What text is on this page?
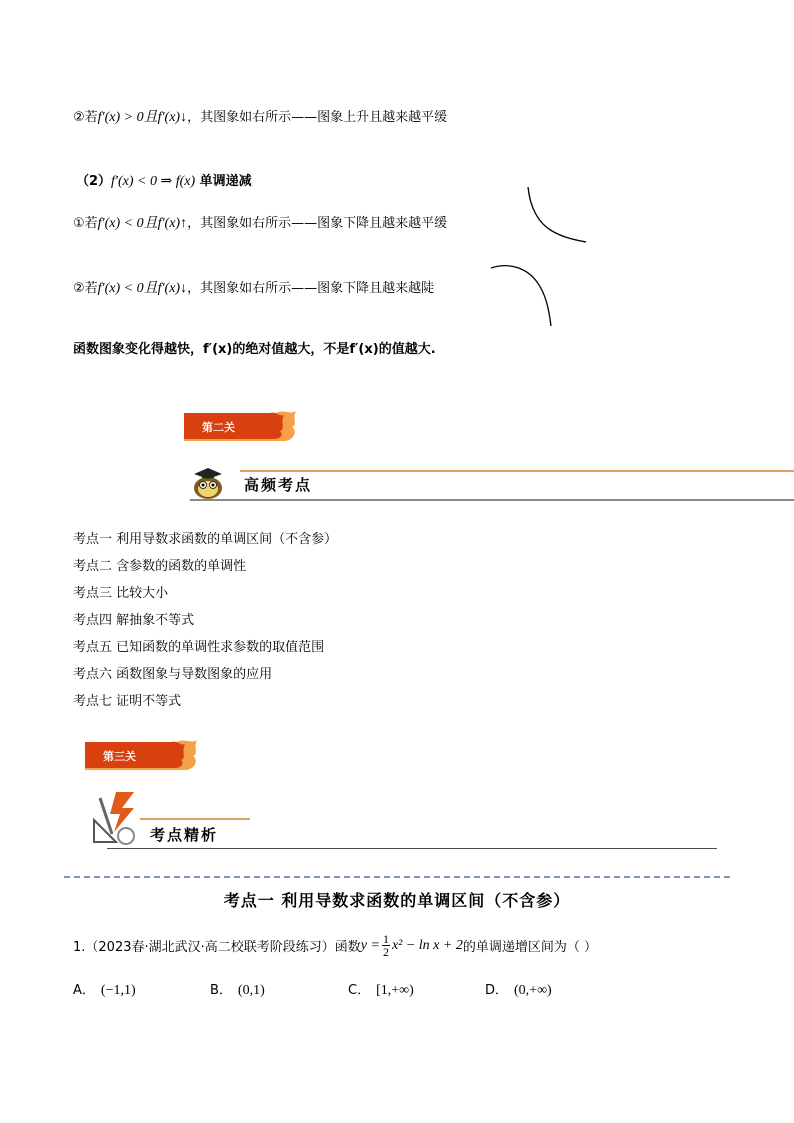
②若f′(x) > 0且f′(x)↓，其图象如右所示——图象上升且越来越平缓
（2）f′(x) < 0 ⇒ f(x) 单调递减
①若f′(x) < 0且f′(x)↑，其图象如右所示——图象下降且越来越平缓
②若f′(x) < 0且f′(x)↓，其图象如右所示——图象下降且越来越陡
函数图象变化得越快，f′(x)的绝对值越大，不是f′(x)的值越大.
第二关
高频考点
考点一 利用导数求函数的单调区间（不含参）
考点二 含参数的函数的单调性
考点三 比较大小
考点四 解抽象不等式
考点五 已知函数的单调性求参数的取值范围
考点六 函数图象与导数图象的应用
考点七 证明不等式
第三关
考点精析
考点一 利用导数求函数的单调区间（不含参）
1.（2023春·湖北武汉·高二校联考阶段练习）函数 $y = \frac{1}{2} x^2 - \ln x + 2$ 的单调递增区间为（ ）
A． (−1,1)	B． (0,1)	C． [1,+∞)	D． (0,+∞)
